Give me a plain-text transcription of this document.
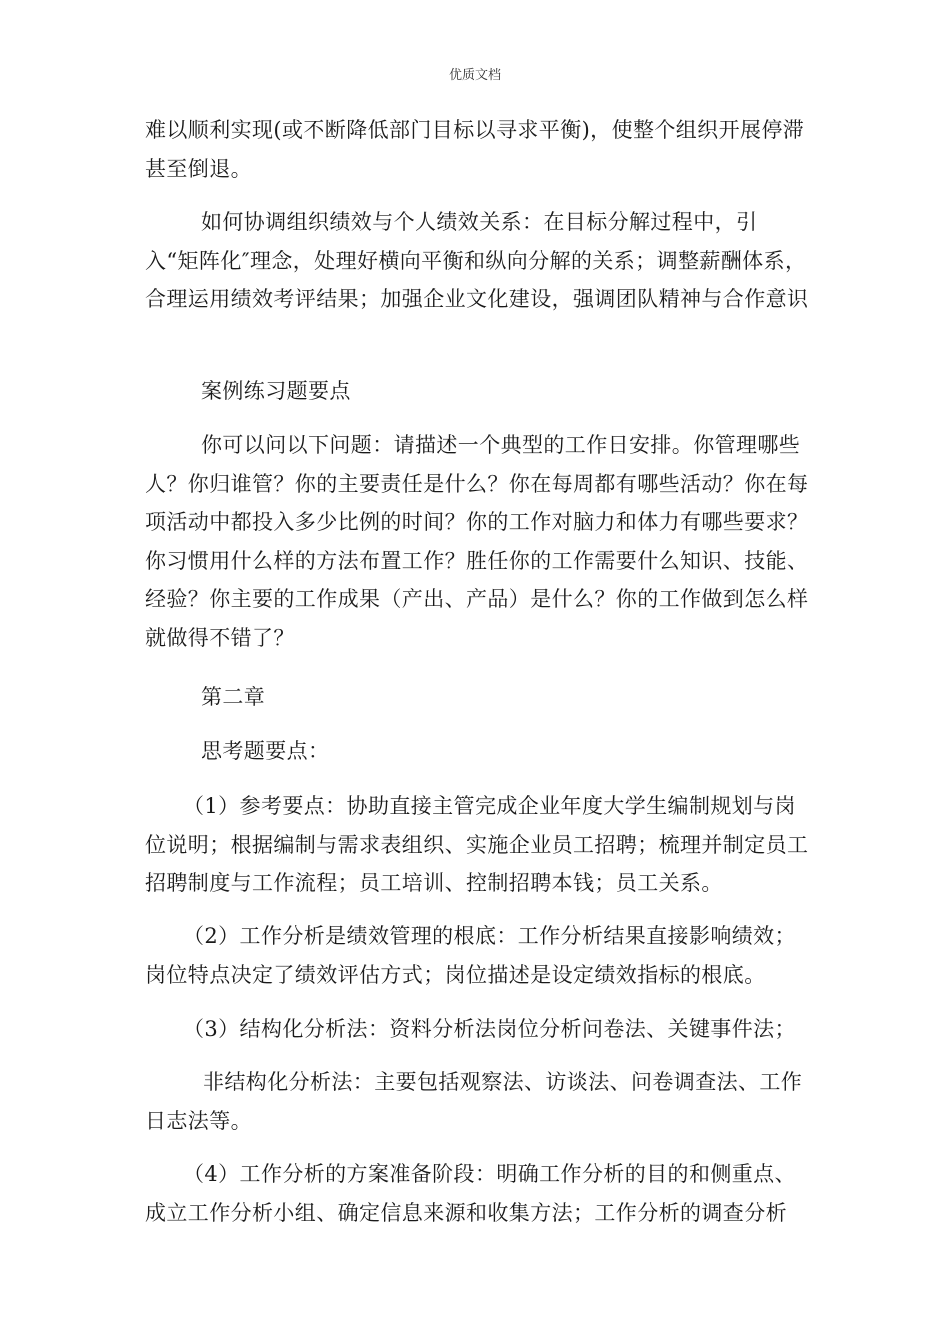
优质文档

难以顺利实现(或不断降低部门目标以寻求平衡)，使整个组织开展停滞甚至倒退。

如何协调组织绩效与个人绩效关系：在目标分解过程中，引入“矩阵化″理念，处理好横向平衡和纵向分解的关系；调整薪酬体系，合理运用绩效考评结果；加强企业文化建设，强调团队精神与合作意识

案例练习题要点

你可以问以下问题：请描述一个典型的工作日安排。你管理哪些人？你归谁管？你的主要责任是什么？你在每周都有哪些活动？你在每项活动中都投入多少比例的时间？你的工作对脑力和体力有哪些要求？你习惯用什么样的方法布置工作？胜任你的工作需要什么知识、技能、经验？你主要的工作成果（产出、产品）是什么？你的工作做到怎么样就做得不错了？

第二章

思考题要点：

（1）参考要点：协助直接主管完成企业年度大学生编制规划与岗位说明；根据编制与需求表组织、实施企业员工招聘；梳理并制定员工招聘制度与工作流程；员工培训、控制招聘本钱；员工关系。

（2）工作分析是绩效管理的根底：工作分析结果直接影响绩效；岗位特点决定了绩效评估方式；岗位描述是设定绩效指标的根底。

（3）结构化分析法：资料分析法岗位分析问卷法、关键事件法；

非结构化分析法：主要包括观察法、访谈法、问卷调查法、工作日志法等。

（4）工作分析的方案准备阶段：明确工作分析的目的和侧重点、成立工作分析小组、确定信息来源和收集方法；工作分析的调查分析
